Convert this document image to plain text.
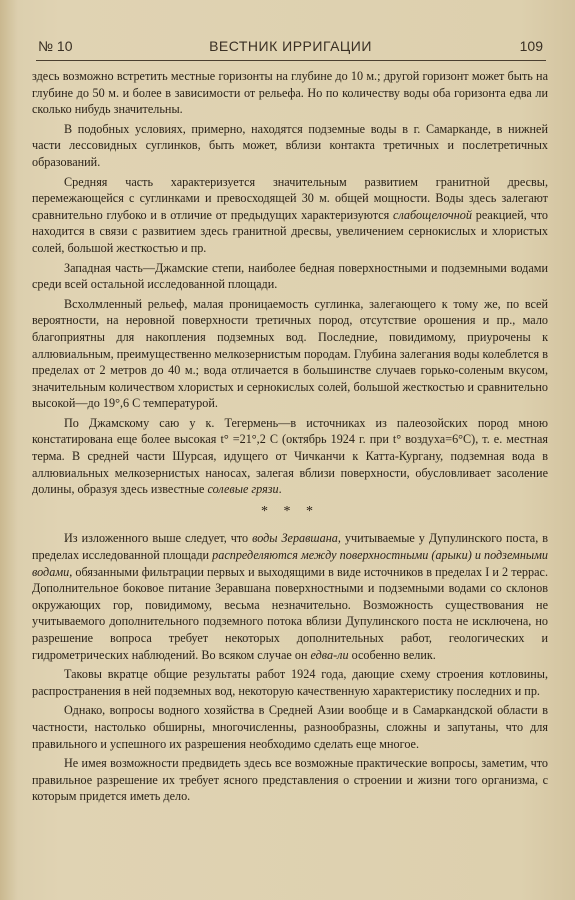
№ 10	ВЕСТНИК ИРРИГАЦИИ	109

здесь возможно встретить местные горизонты на глубине до 10 м.; другой горизонт может быть на глубине до 50 м. и более в зависимости от рельефа. Но по количеству воды оба горизонта едва ли сколько нибудь значительны.

В подобных условиях, примерно, находятся подземные воды в г. Самарканде, в нижней части лессовидных суглинков, быть может, вблизи контакта третичных и послетретичных образований.

Средняя часть характеризуется значительным развитием гранитной дресвы, перемежающейся с суглинками и превосходящей 30 м. общей мощности. Воды здесь залегают сравнительно глубоко и в отличие от предыдущих характеризуются слабощелочной реакцией, что находится в связи с развитием здесь гранитной дресвы, увеличением сернокислых и хлористых солей, большой жесткостью и пр.

Западная часть—Джамские степи, наиболее бедная поверхностными и подземными водами среди всей остальной исследованной площади.

Всхолмленный рельеф, малая проницаемость суглинка, залегающего к тому же, по всей вероятности, на неровной поверхности третичных пород, отсутствие орошения и пр., мало благоприятны для накопления подземных вод. Последние, повидимому, приурочены к аллювиальным, преимущественно мелкозернистым породам. Глубина залегания воды колеблется в пределах от 2 метров до 40 м.; вода отличается в большинстве случаев горько-соленым вкусом, значительным количеством хлористых и сернокислых солей, большой жесткостью и сравнительно высокой—до 19°,6 С температурой.

По Джамскому саю у к. Тегермень—в источниках из палеозойских пород мною констатирована еще более высокая t° =21°,2 С (октябрь 1924 г. при t° воздуха=6°С), т. е. местная терма. В средней части Шурсая, идущего от Чичканчи к Катта-Кургану, подземная вода в аллювиальных мелкозернистых наносах, залегая вблизи поверхности, обусловливает засоление долины, образуя здесь известные солевые грязи.

* * *

Из изложенного выше следует, что воды Зеравшана, учитываемые у Дупулинского поста, в пределах исследованной площади распределяются между поверхностными (арыки) и подземными водами, обязанными фильтрации первых и выходящими в виде источников в пределах I и 2 террас. Дополнительное боковое питание Зеравшана поверхностными и подземными водами со склонов окружающих гор, повидимому, весьма незначительно. Возможность существования не учитываемого дополнительного подземного потока вблизи Дупулинского поста не исключена, но разрешение вопроса требует некоторых дополнительных работ, геологических и гидрометрических наблюдений. Во всяком случае он едва-ли особенно велик.

Таковы вкратце общие результаты работ 1924 года, дающие схему строения котловины, распространения в ней подземных вод, некоторую качественную характеристику последних и пр.

Однако, вопросы водного хозяйства в Средней Азии вообще и в Самаркандской области в частности, настолько обширны, многочисленны, разнообразны, сложны и запутаны, что для правильного и успешного их разрешения необходимо сделать еще многое.

Не имея возможности предвидеть здесь все возможные практические вопросы, заметим, что правильное разрешение их требует ясного представления о строении и жизни того организма, с которым придется иметь дело.
